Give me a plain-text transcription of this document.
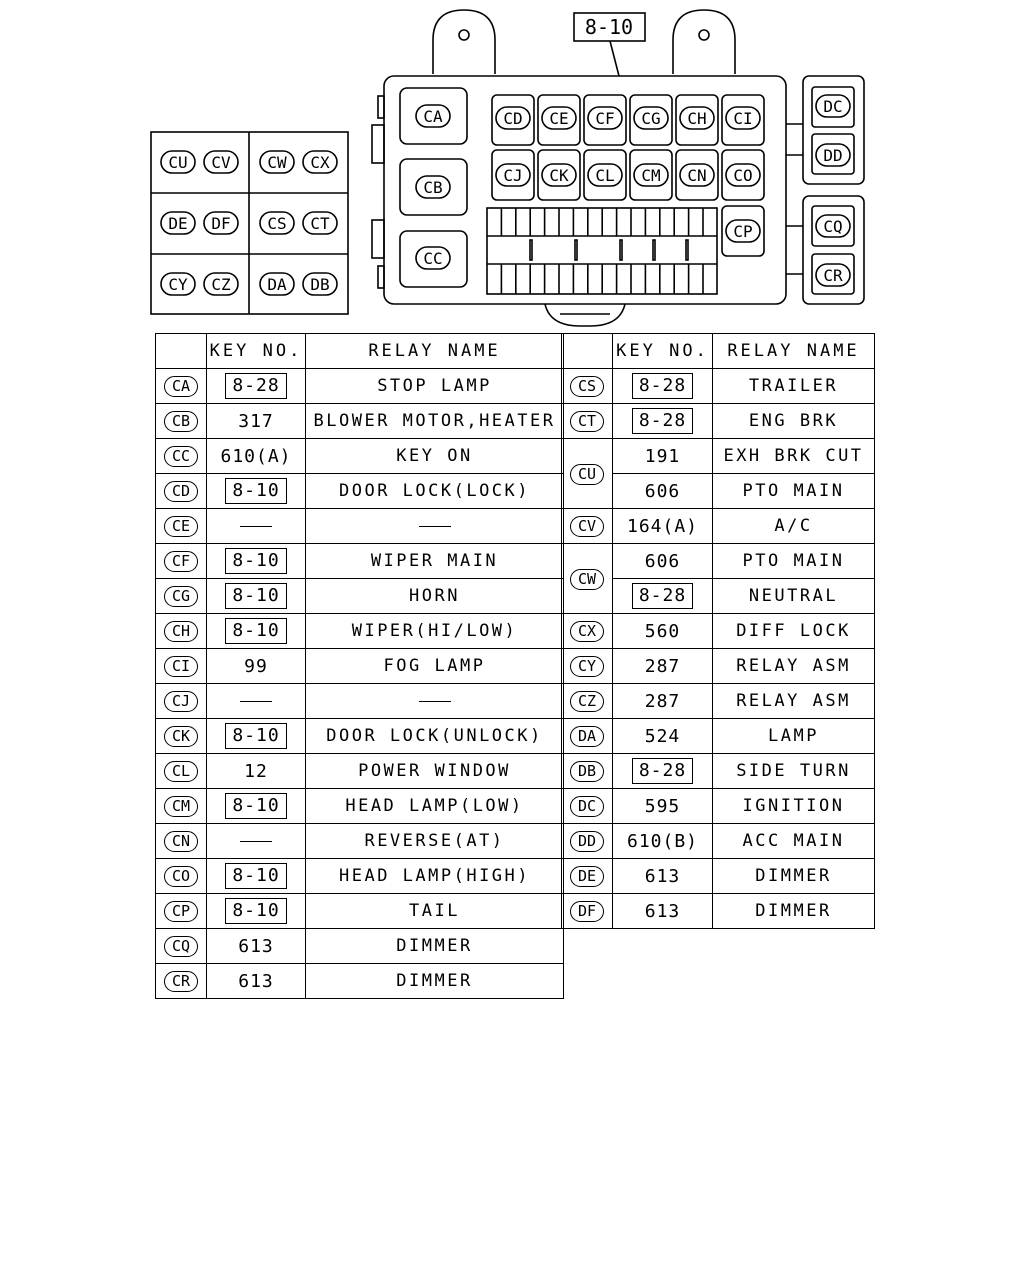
8-10
CA
CB
CC
CD CE CF CG CH CI
CJ CK CL CM CN CO
CP
DC
DD
CQ
CR
CU CV CW CX
DE DF CS CT
CY CZ DA DB
	KEY NO.	RELAY NAME
CA	8-28	STOP LAMP
CB	317	BLOWER MOTOR,HEATER
CC	610(A)	KEY ON
CD	8-10	DOOR LOCK(LOCK)
CE		
CF	8-10	WIPER MAIN
CG	8-10	HORN
CH	8-10	WIPER(HI/LOW)
CI	99	FOG LAMP
CJ		
CK	8-10	DOOR LOCK(UNLOCK)
CL	12	POWER WINDOW
CM	8-10	HEAD LAMP(LOW)
CN		REVERSE(AT)
CO	8-10	HEAD LAMP(HIGH)
CP	8-10	TAIL
CQ	613	DIMMER
CR	613	DIMMER
	KEY NO.	RELAY NAME
CS	8-28	TRAILER
CT	8-28	ENG BRK
CU	191	EXH BRK CUT
	606	PTO MAIN
CV	164(A)	A/C
CW	606	PTO MAIN
	8-28	NEUTRAL
CX	560	DIFF LOCK
CY	287	RELAY ASM
CZ	287	RELAY ASM
DA	524	LAMP
DB	8-28	SIDE TURN
DC	595	IGNITION
DD	610(B)	ACC MAIN
DE	613	DIMMER
DF	613	DIMMER
